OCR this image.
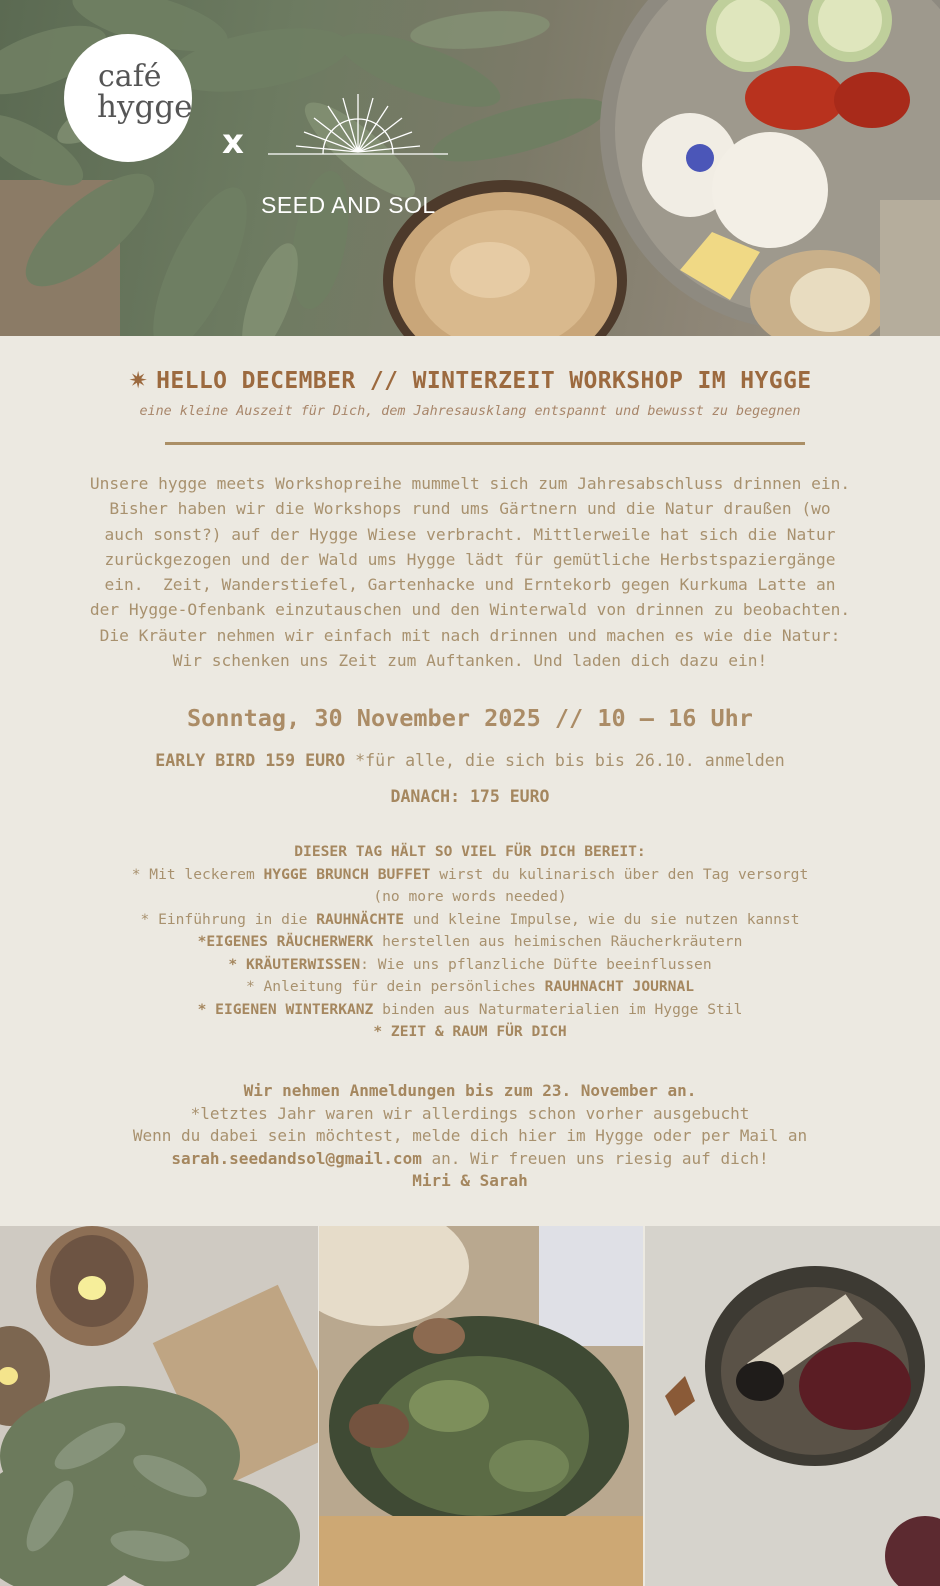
café
hygge
x
SEED AND SOL
✷ HELLO DECEMBER // WINTERZEIT WORKSHOP IM HYGGE
eine kleine Auszeit für Dich, dem Jahresausklang entspannt und bewusst zu begegnen
Unsere hygge meets Workshopreihe mummelt sich zum Jahresabschluss drinnen ein.
Bisher haben wir die Workshops rund ums Gärtnern und die Natur draußen (wo
auch sonst?) auf der Hygge Wiese verbracht. Mittlerweile hat sich die Natur
zurückgezogen und der Wald ums Hygge lädt für gemütliche Herbstspaziergänge
ein.  Zeit, Wanderstiefel, Gartenhacke und Erntekorb gegen Kurkuma Latte an
der Hygge-Ofenbank einzutauschen und den Winterwald von drinnen zu beobachten.
Die Kräuter nehmen wir einfach mit nach drinnen und machen es wie die Natur:
Wir schenken uns Zeit zum Auftanken. Und laden dich dazu ein!
Sonntag, 30 November 2025 // 10 – 16 Uhr
EARLY BIRD 159 EURO *für alle, die sich bis bis 26.10. anmelden
DANACH: 175 EURO
DIESER TAG HÄLT SO VIEL FÜR DICH BEREIT:
* Mit leckerem HYGGE BRUNCH BUFFET wirst du kulinarisch über den Tag versorgt
(no more words needed)
* Einführung in die RAUHNÄCHTE und kleine Impulse, wie du sie nutzen kannst
*EIGENES RÄUCHERWERK herstellen aus heimischen Räucherkräutern
* KRÄUTERWISSEN: Wie uns pflanzliche Düfte beeinflussen
* Anleitung für dein persönliches RAUHNACHT JOURNAL
* EIGENEN WINTERKANZ binden aus Naturmaterialien im Hygge Stil
* ZEIT & RAUM FÜR DICH
Wir nehmen Anmeldungen bis zum 23. November an.
*letztes Jahr waren wir allerdings schon vorher ausgebucht
Wenn du dabei sein möchtest, melde dich hier im Hygge oder per Mail an
sarah.seedandsol@gmail.com an. Wir freuen uns riesig auf dich!
Miri & Sarah
